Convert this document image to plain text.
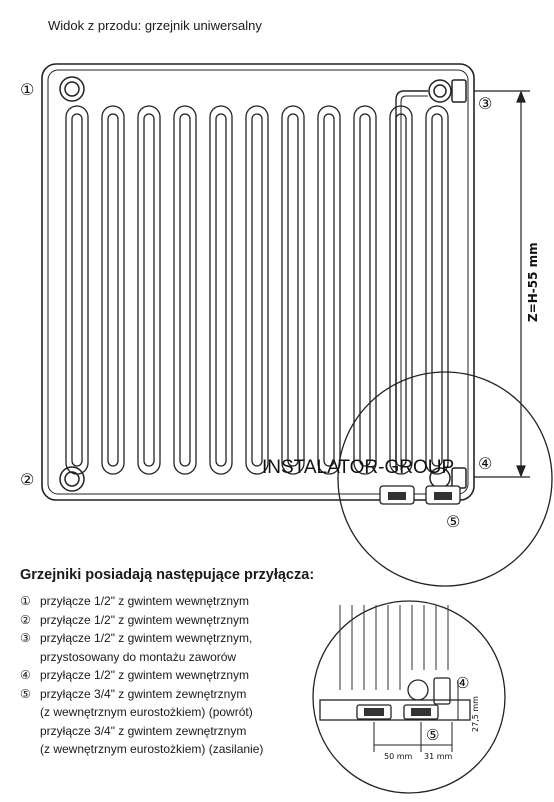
Widok z przodu: grzejnik uniwersalny
①
②
③
④
⑤
Z=H-55 mm
④
⑤
50 mm 31 mm
27,5 mm
INSTALATOR-GROUP
Grzejniki posiadają następujące przyłącza:
① przyłącze 1/2" z gwintem wewnętrznym
② przyłącze 1/2" z gwintem wewnętrznym
③ przyłącze 1/2" z gwintem wewnętrznym,
przystosowany do montażu zaworów
④ przyłącze 1/2" z gwintem wewnętrznym
⑤ przyłącze 3/4" z gwintem zewnętrznym
(z wewnętrznym eurostożkiem) (powrót)
przyłącze 3/4" z gwintem zewnętrznym
(z wewnętrznym eurostożkiem) (zasilanie)
